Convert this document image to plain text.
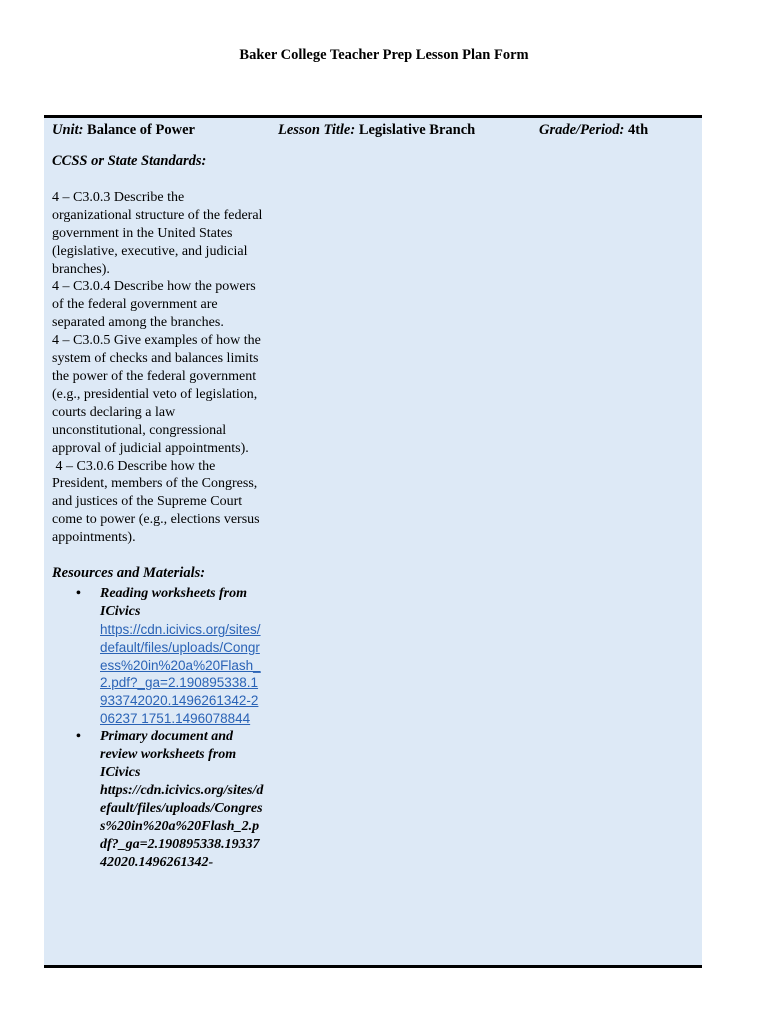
Baker College Teacher Prep Lesson Plan Form
Unit: Balance of Power	Lesson Title: Legislative Branch	Grade/Period: 4th
CCSS or State Standards:

4 – C3.0.3 Describe the organizational structure of the federal government in the United States (legislative, executive, and judicial branches).

4 – C3.0.4 Describe how the powers of the federal government are separated among the branches.

4 – C3.0.5 Give examples of how the system of checks and balances limits the power of the federal government (e.g., presidential veto of legislation, courts declaring a law unconstitutional, congressional approval of judicial appointments).

4 – C3.0.6 Describe how the President, members of the Congress, and justices of the Supreme Court come to power (e.g., elections versus appointments).

Resources and Materials:
• Reading worksheets from ICivics
https://cdn.icivics.org/sites/default/files/uploads/Congress%20in%20a%20Flash_2.pdf?_ga=2.190895338.1933742020.1496261342-206237 1751.1496078844
• Primary document and review worksheets from ICivics
https://cdn.icivics.org/sites/default/files/uploads/Congress%20in%20a%20Flash_2.pdf?_ga=2.190895338.1933742020.1496261342-
